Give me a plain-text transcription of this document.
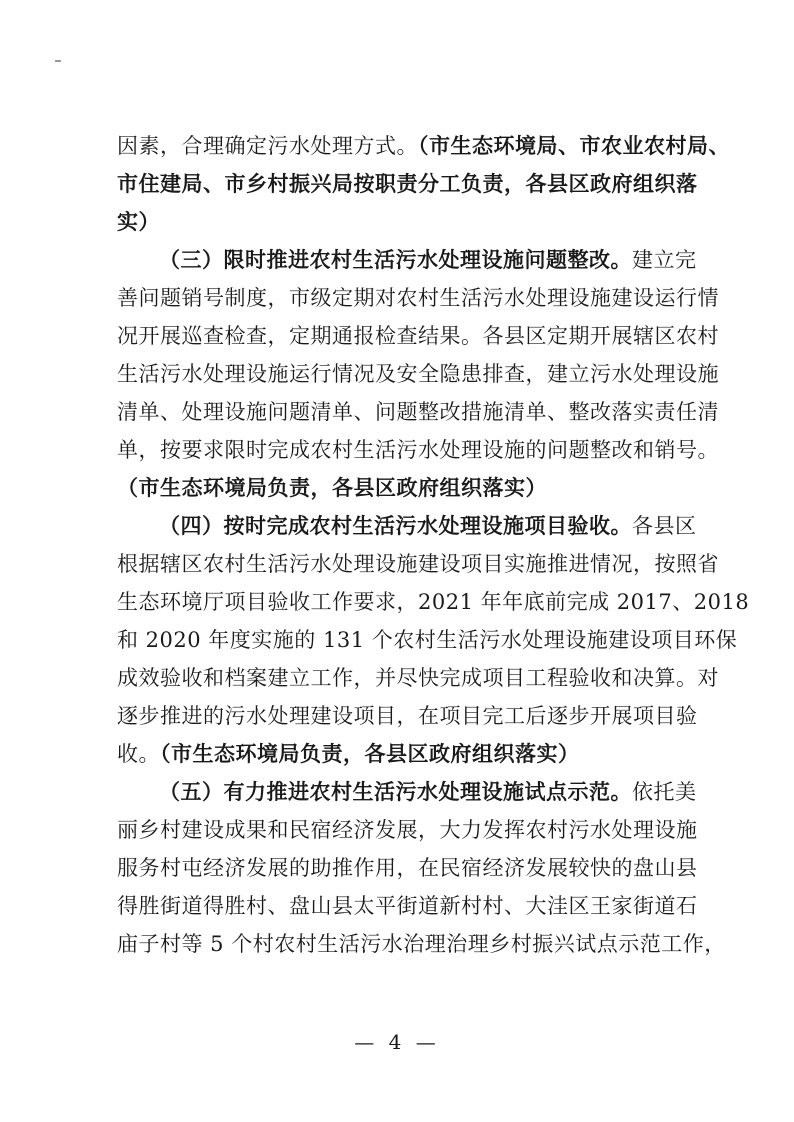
因素，合理确定污水处理方式。（市生态环境局、市农业农村局、
市住建局、市乡村振兴局按职责分工负责，各县区政府组织落
实）
（三）限时推进农村生活污水处理设施问题整改。建立完
善问题销号制度，市级定期对农村生活污水处理设施建设运行情
况开展巡查检查，定期通报检查结果。各县区定期开展辖区农村
生活污水处理设施运行情况及安全隐患排查，建立污水处理设施
清单、处理设施问题清单、问题整改措施清单、整改落实责任清
单，按要求限时完成农村生活污水处理设施的问题整改和销号。
（市生态环境局负责，各县区政府组织落实）
（四）按时完成农村生活污水处理设施项目验收。各县区
根据辖区农村生活污水处理设施建设项目实施推进情况，按照省
生态环境厅项目验收工作要求，2021 年年底前完成 2017、2018
和 2020 年度实施的 131 个农村生活污水处理设施建设项目环保
成效验收和档案建立工作，并尽快完成项目工程验收和决算。对
逐步推进的污水处理建设项目，在项目完工后逐步开展项目验
收。（市生态环境局负责，各县区政府组织落实）
（五）有力推进农村生活污水处理设施试点示范。依托美
丽乡村建设成果和民宿经济发展，大力发挥农村污水处理设施
服务村屯经济发展的助推作用，在民宿经济发展较快的盘山县
得胜街道得胜村、盘山县太平街道新村村、大洼区王家街道石
庙子村等 5 个村农村生活污水治理治理乡村振兴试点示范工作，
— 4 —
